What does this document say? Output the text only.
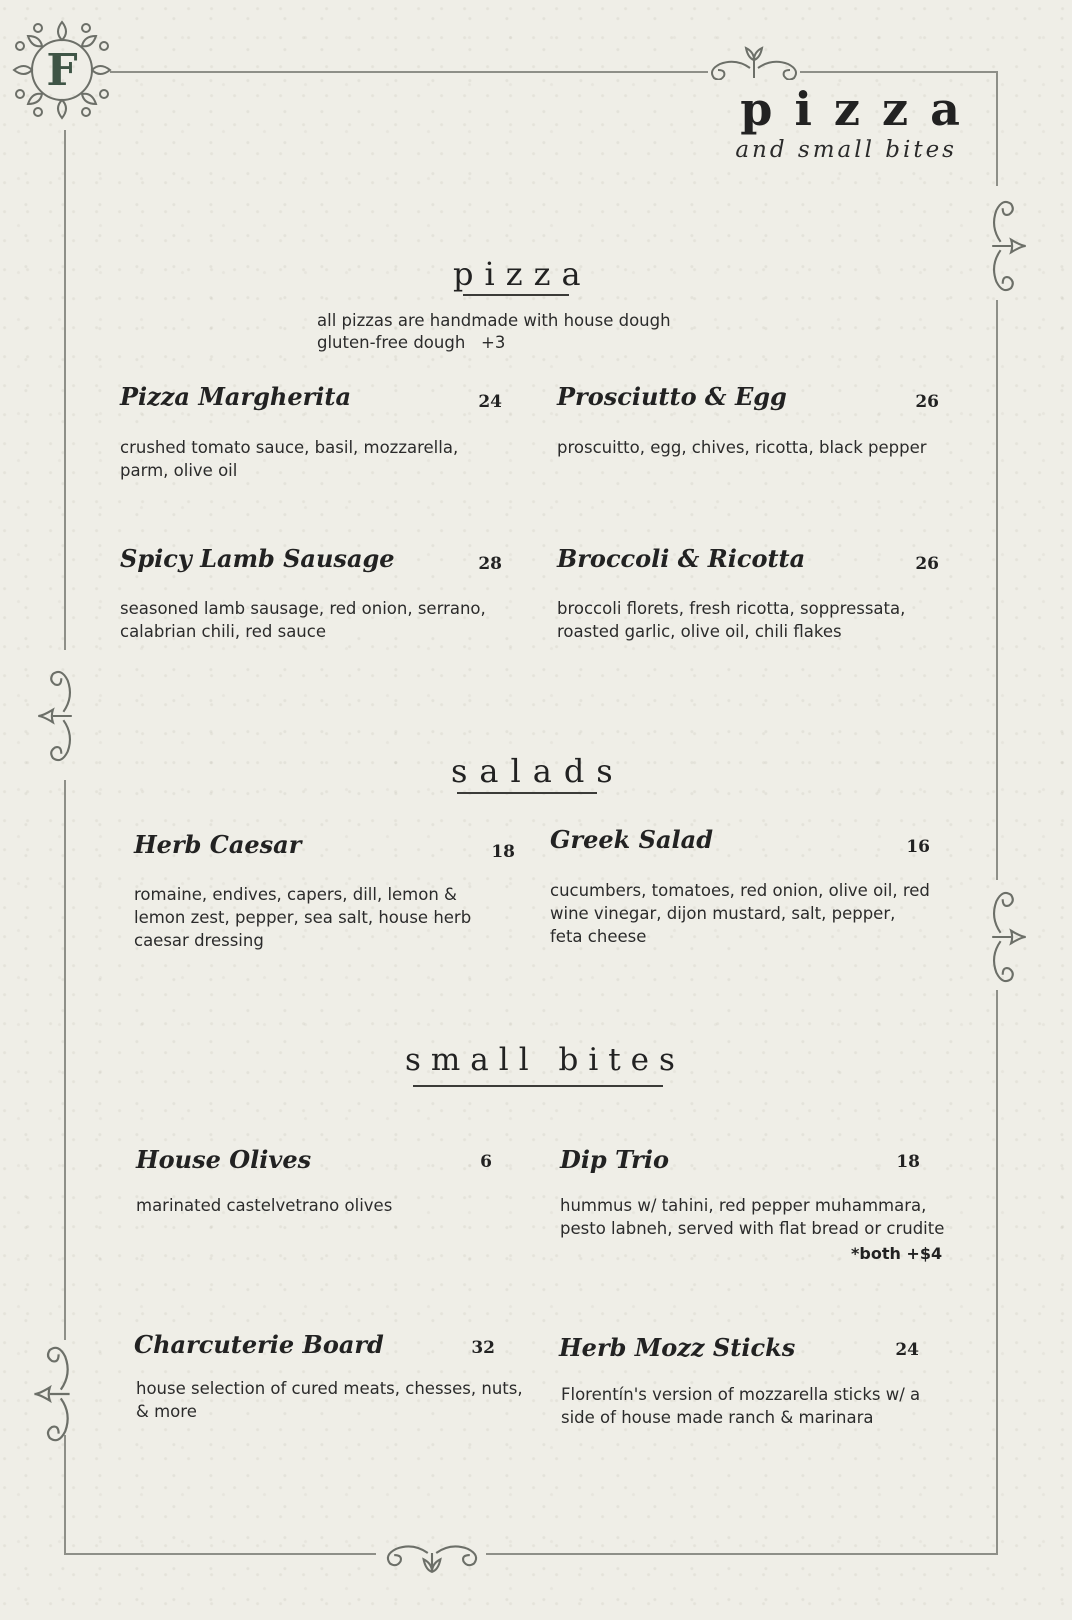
F
pizza
and small bites
pizza
all pizzas are handmade with house dough
gluten-free dough   +3
Pizza Margherita	24
crushed tomato sauce, basil, mozzarella, parm, olive oil
Prosciutto & Egg	26
proscuitto, egg, chives, ricotta, black pepper
Spicy Lamb Sausage	28
seasoned lamb sausage, red onion, serrano, calabrian chili, red sauce
Broccoli & Ricotta	26
broccoli florets, fresh ricotta, soppressata, roasted garlic, olive oil, chili flakes
salads
Herb Caesar	18
romaine, endives, capers, dill, lemon & lemon zest, pepper, sea salt, house herb caesar dressing
Greek Salad	16
cucumbers, tomatoes, red onion, olive oil, red wine vinegar, dijon mustard, salt, pepper, feta cheese
small bites
House Olives	6
marinated castelvetrano olives
Dip Trio	18
hummus w/ tahini, red pepper muhammara, pesto labneh, served with flat bread or crudite
*both +$4
Charcuterie Board	32
house selection of cured meats, chesses, nuts, & more
Herb Mozz Sticks	24
Florentín's version of mozzarella sticks w/ a side of house made ranch & marinara
